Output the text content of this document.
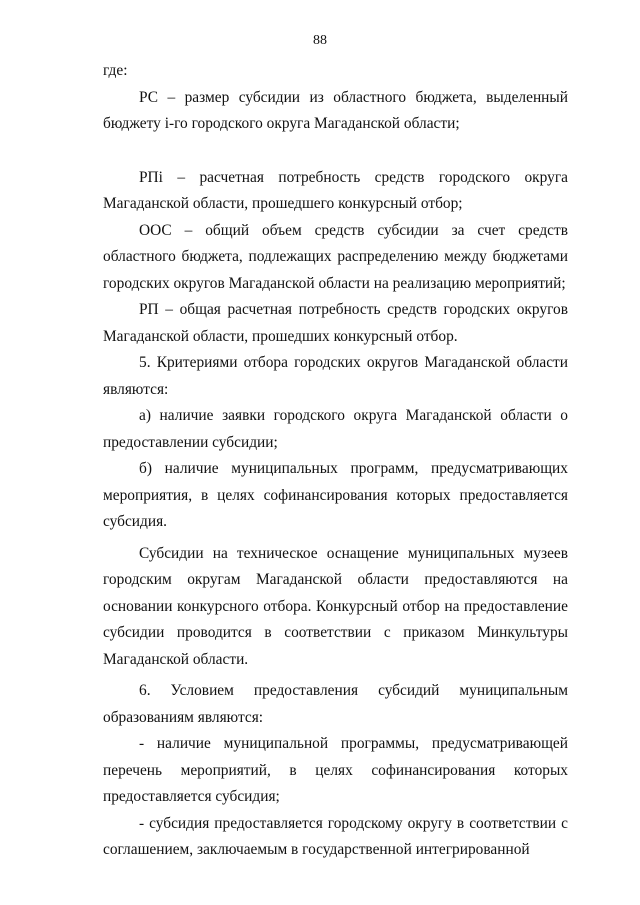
88

где:

РС – размер субсидии из областного бюджета, выделенный бюджету i-го городского округа Магаданской области;

РПi – расчетная потребность средств городского округа Магаданской области, прошедшего конкурсный отбор;

ООС – общий объем средств субсидии за счет средств областного бюджета, подлежащих распределению между бюджетами городских округов Магаданской области на реализацию мероприятий;

РП – общая расчетная потребность средств городских округов Магаданской области, прошедших конкурсный отбор.

5. Критериями отбора городских округов Магаданской области являются:

а) наличие заявки городского округа Магаданской области о предоставлении субсидии;

б) наличие муниципальных программ, предусматривающих мероприятия, в целях софинансирования которых предоставляется субсидия.

Субсидии на техническое оснащение муниципальных музеев городским округам Магаданской области предоставляются на основании конкурсного отбора. Конкурсный отбор на предоставление субсидии проводится в соответствии с приказом Минкультуры Магаданской области.

6. Условием предоставления субсидий муниципальным образованиям являются:

- наличие муниципальной программы, предусматривающей перечень мероприятий, в целях софинансирования которых предоставляется субсидия;

- субсидия предоставляется городскому округу в соответствии с соглашением, заключаемым в государственной интегрированной
